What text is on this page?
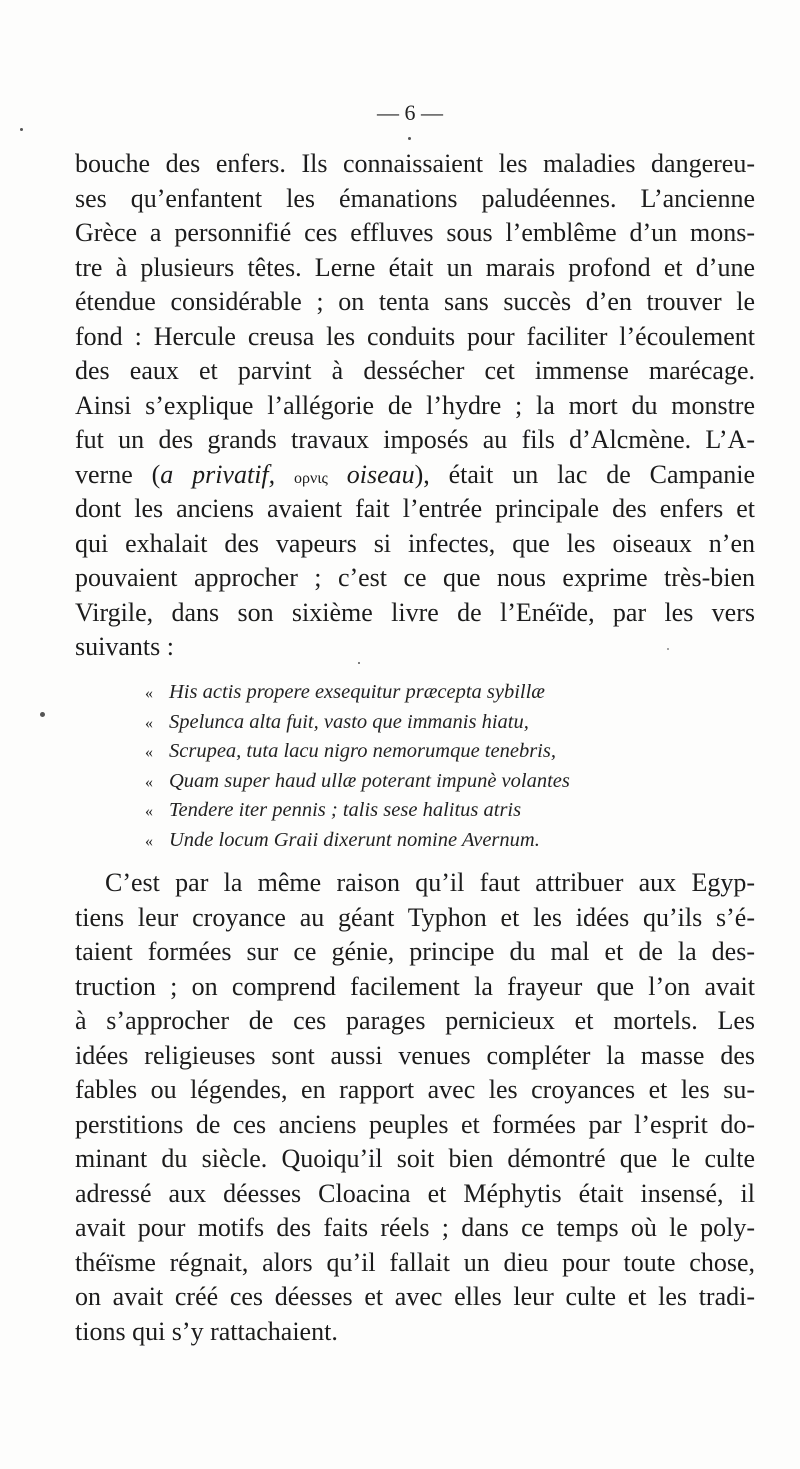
— 6 —
bouche des enfers. Ils connaissaient les maladies dangereu-
ses qu’enfantent les émanations paludéennes. L’ancienne
Grèce a personnifié ces effluves sous l’emblême d’un mons-
tre à plusieurs têtes. Lerne était un marais profond et d’une
étendue considérable ; on tenta sans succès d’en trouver le
fond : Hercule creusa les conduits pour faciliter l’écoulement
des eaux et parvint à dessécher cet immense marécage.
Ainsi s’explique l’allégorie de l’hydre ; la mort du monstre
fut un des grands travaux imposés au fils d’Alcmène. L’A-
verne (a privatif, ορνις oiseau), était un lac de Campanie
dont les anciens avaient fait l’entrée principale des enfers et
qui exhalait des vapeurs si infectes, que les oiseaux n’en
pouvaient approcher ; c’est ce que nous exprime très-bien
Virgile, dans son sixième livre de l’Enéïde, par les vers
suivants :
« His actis propere exsequitur præcepta sybillæ
« Spelunca alta fuit, vasto que immanis hiatu,
« Scrupea, tuta lacu nigro nemorumque tenebris,
« Quam super haud ullæ poterant impunè volantes
« Tendere iter pennis ; talis sese halitus atris
« Unde locum Graii dixerunt nomine Avernum.
C’est par la même raison qu’il faut attribuer aux Egyp-
tiens leur croyance au géant Typhon et les idées qu’ils s’é-
taient formées sur ce génie, principe du mal et de la des-
truction ; on comprend facilement la frayeur que l’on avait
à s’approcher de ces parages pernicieux et mortels. Les
idées religieuses sont aussi venues compléter la masse des
fables ou légendes, en rapport avec les croyances et les su-
perstitions de ces anciens peuples et formées par l’esprit do-
minant du siècle. Quoiqu’il soit bien démontré que le culte
adressé aux déesses Cloacina et Méphytis était insensé, il
avait pour motifs des faits réels ; dans ce temps où le poly-
théïsme régnait, alors qu’il fallait un dieu pour toute chose,
on avait créé ces déesses et avec elles leur culte et les tradi-
tions qui s’y rattachaient.
